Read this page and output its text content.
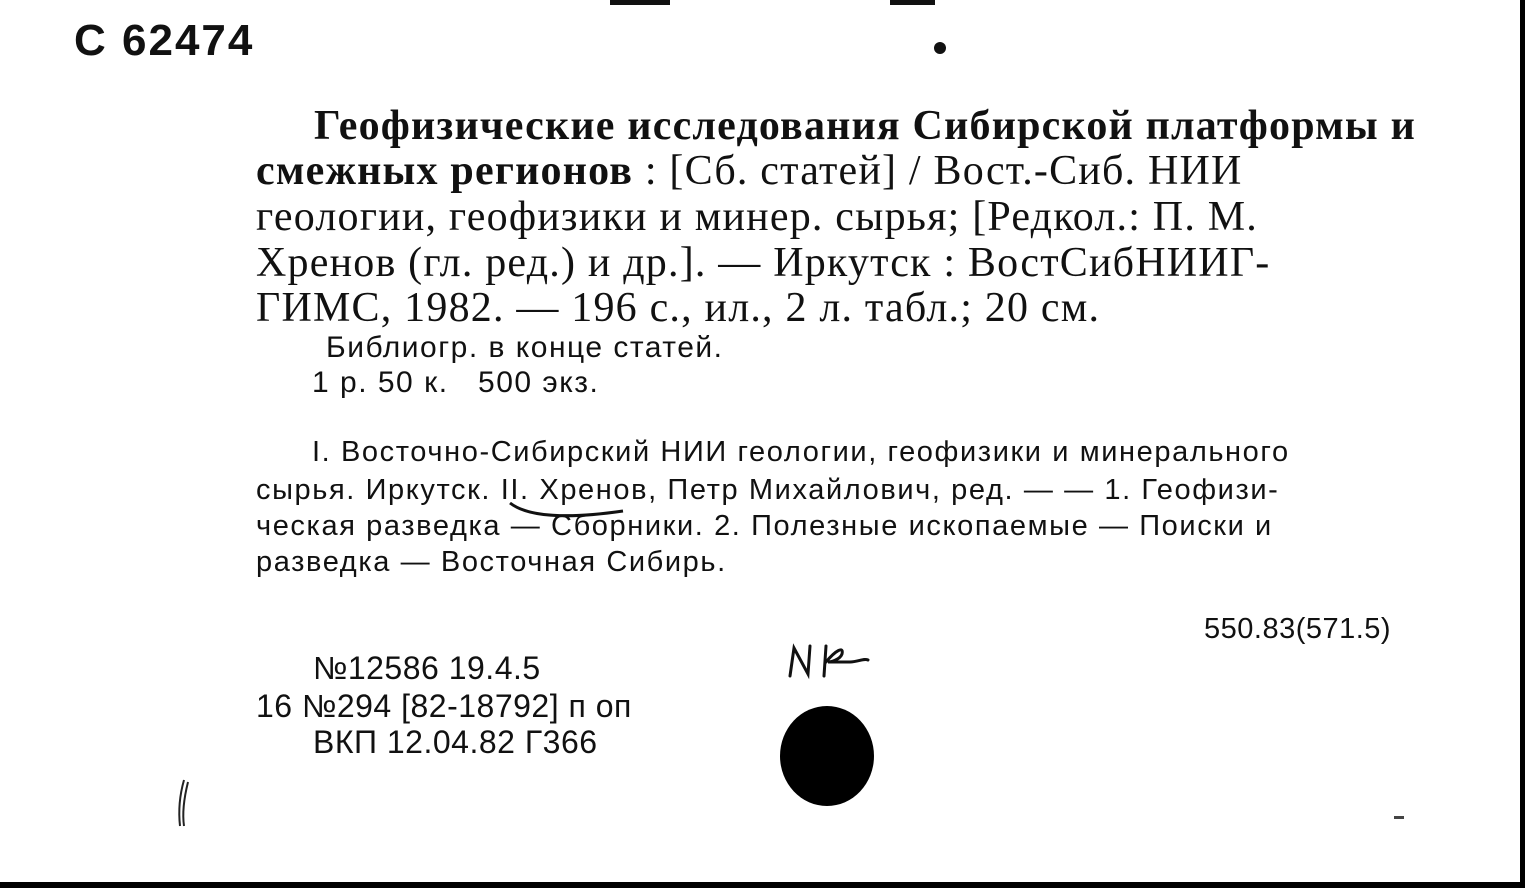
С 62474
Геофизические исследования Сибирской платформы и
смежных регионов : [Сб. статей] / Вост.-Сиб. НИИ
геологии, геофизики и минер. сырья; [Редкол.: П. М.
Хренов (гл. ред.) и др.]. — Иркутск : ВостСибНИИГ-
ГИМС, 1982. — 196 с., ил., 2 л. табл.; 20 см.
Библиогр. в конце статей.
1 р. 50 к.   500 экз.
I. Восточно-Сибирский НИИ геологии, геофизики и минерального
сырья. Иркутск. II. Хренов, Петр Михайлович, ред. — — 1. Геофизи-
ческая разведка — Сборники. 2. Полезные ископаемые — Поиски и
разведка — Восточная Сибирь.
550.83(571.5)
№12586 19.4.5
16 №294 [82-18792] п оп
ВКП 12.04.82 Г366
